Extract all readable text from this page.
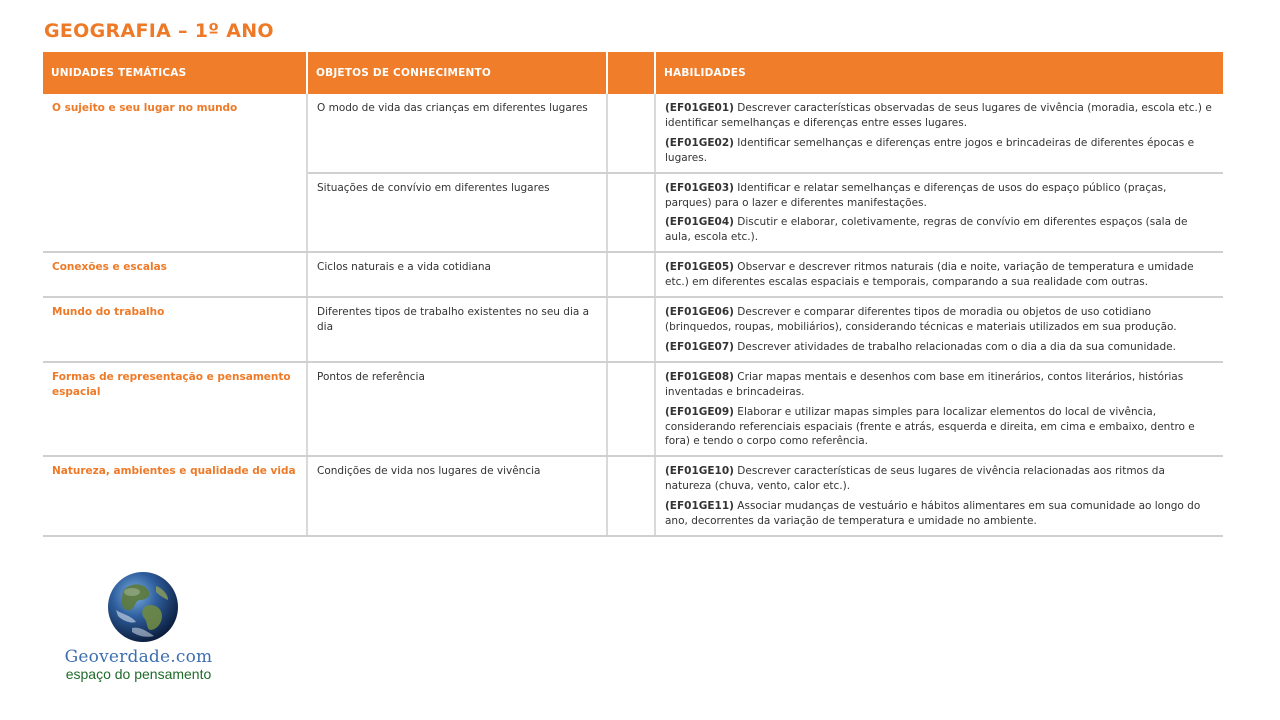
GEOGRAFIA – 1º ANO
UNIDADES TEMÁTICAS	OBJETOS DE CONHECIMENTO		HABILIDADES
O sujeito e seu lugar no mundo	O modo de vida das crianças em diferentes lugares		(EF01GE01) Descrever características observadas de seus lugares de vivência (moradia, escola etc.) e identificar semelhanças e diferenças entre esses lugares.
(EF01GE02) Identificar semelhanças e diferenças entre jogos e brincadeiras de diferentes épocas e lugares.

	Situações de convívio em diferentes lugares		(EF01GE03) Identificar e relatar semelhanças e diferenças de usos do espaço público (praças, parques) para o lazer e diferentes manifestações.
(EF01GE04) Discutir e elaborar, coletivamente, regras de convívio em diferentes espaços (sala de aula, escola etc.).

Conexões e escalas	Ciclos naturais e a vida cotidiana		(EF01GE05) Observar e descrever ritmos naturais (dia e noite, variação de temperatura e umidade etc.) em diferentes escalas espaciais e temporais, comparando a sua realidade com outras.

Mundo do trabalho	Diferentes tipos de trabalho existentes no seu dia a dia		(EF01GE06) Descrever e comparar diferentes tipos de moradia ou objetos de uso cotidiano (brinquedos, roupas, mobiliários), considerando técnicas e materiais utilizados em sua produção.
(EF01GE07) Descrever atividades de trabalho relacionadas com o dia a dia da sua comunidade.

Formas de representação e pensamento espacial	Pontos de referência		(EF01GE08) Criar mapas mentais e desenhos com base em itinerários, contos literários, histórias inventadas e brincadeiras.
(EF01GE09) Elaborar e utilizar mapas simples para localizar elementos do local de vivência, considerando referenciais espaciais (frente e atrás, esquerda e direita, em cima e embaixo, dentro e fora) e tendo o corpo como referência.

Natureza, ambientes e qualidade de vida	Condições de vida nos lugares de vivência		(EF01GE10) Descrever características de seus lugares de vivência relacionadas aos ritmos da natureza (chuva, vento, calor etc.).
(EF01GE11) Associar mudanças de vestuário e hábitos alimentares em sua comunidade ao longo do ano, decorrentes da variação de temperatura e umidade no ambiente.
Geoverdade.com
espaço do pensamento
